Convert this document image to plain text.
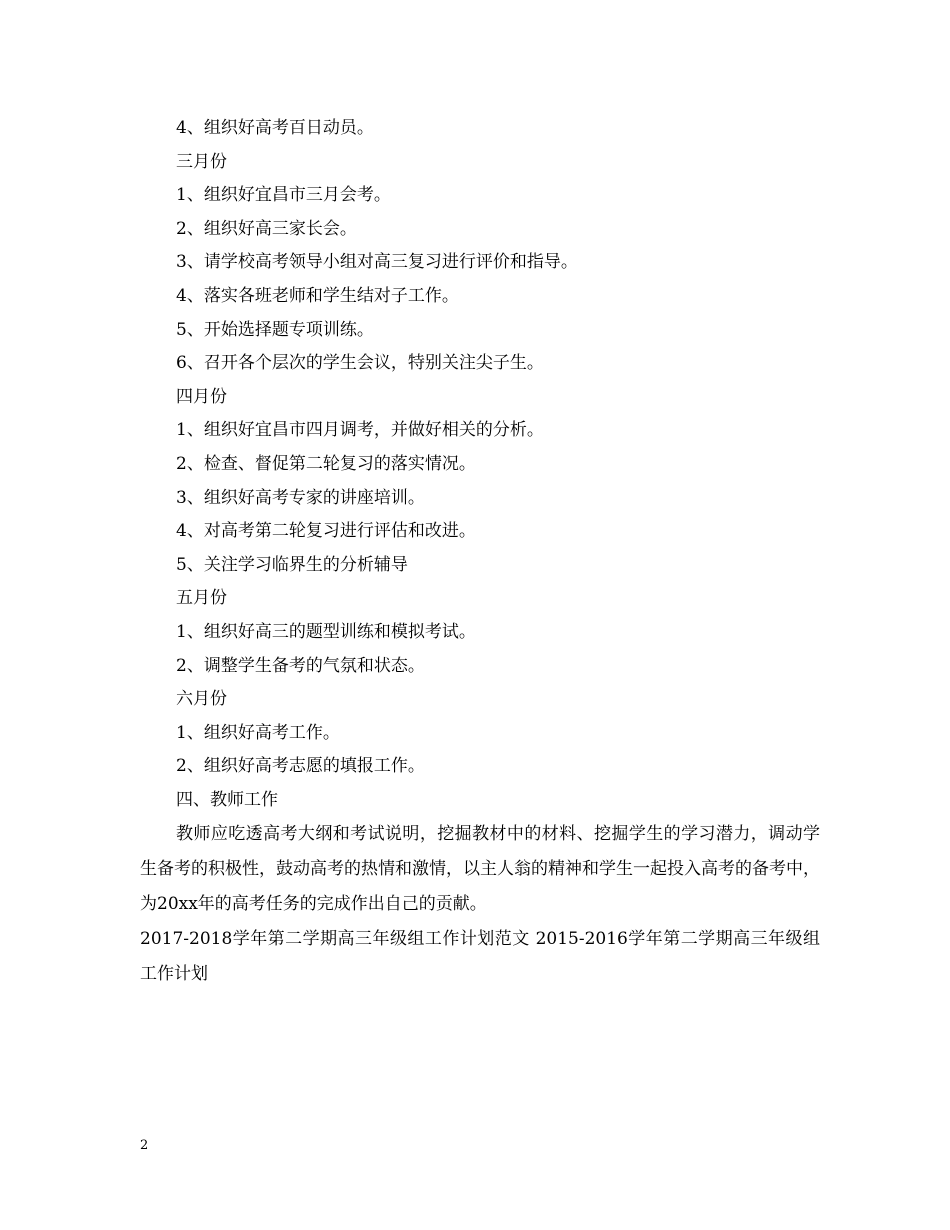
4、组织好高考百日动员。

三月份

1、组织好宜昌市三月会考。

2、组织好高三家长会。

3、请学校高考领导小组对高三复习进行评价和指导。

4、落实各班老师和学生结对子工作。

5、开始选择题专项训练。

6、召开各个层次的学生会议，特别关注尖子生。

四月份

1、组织好宜昌市四月调考，并做好相关的分析。

2、检查、督促第二轮复习的落实情况。

3、组织好高考专家的讲座培训。

4、对高考第二轮复习进行评估和改进。

5、关注学习临界生的分析辅导

五月份

1、组织好高三的题型训练和模拟考试。

2、调整学生备考的气氛和状态。

六月份

1、组织好高考工作。

2、组织好高考志愿的填报工作。

四、教师工作

教师应吃透高考大纲和考试说明，挖掘教材中的材料、挖掘学生的学习潜力，调动学生备考的积极性，鼓动高考的热情和激情，以主人翁的精神和学生一起投入高考的备考中，为20xx年的高考任务的完成作出自己的贡献。

2017-2018学年第二学期高三年级组工作计划范文 2015-2016学年第二学期高三年级组工作计划

2
